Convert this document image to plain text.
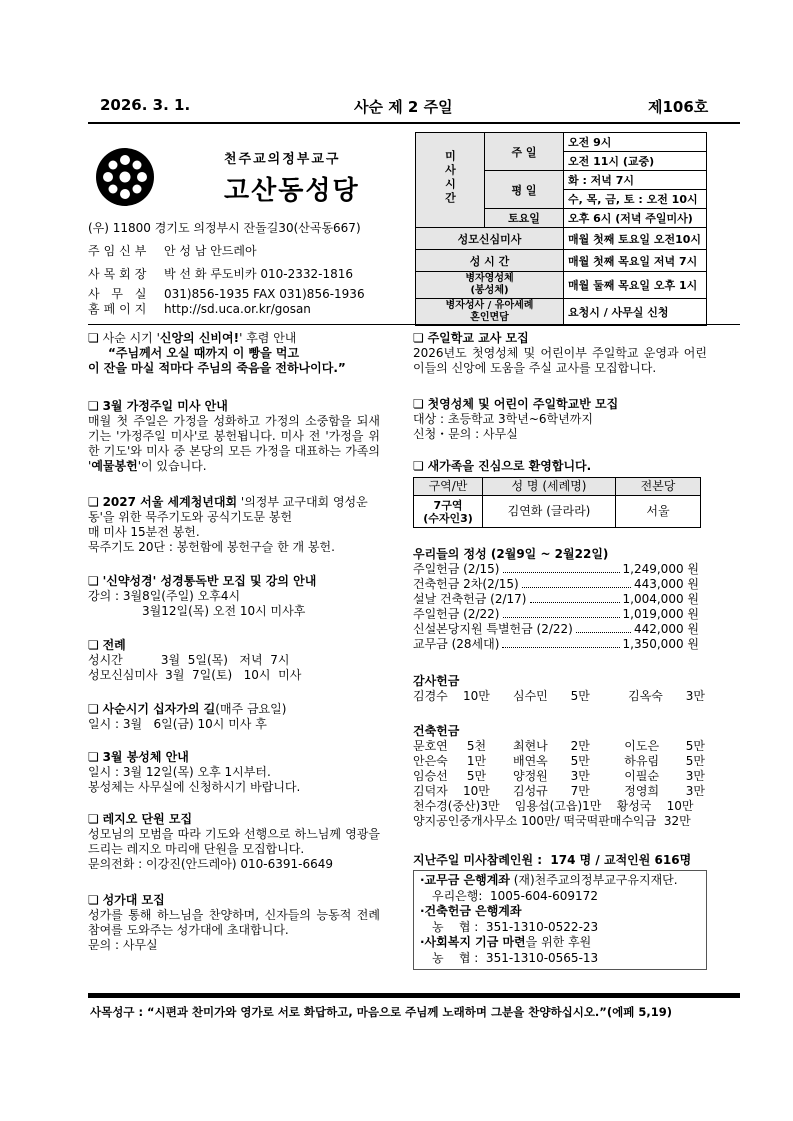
2026. 3. 1.	사순 제 2 주일	제106호
천주교의정부교구
고산동성당
(우) 11800 경기도 의정부시 잔돌길30(산곡동667)
주임신부 안 성 남 안드레아
사목회장 박 선 화 루도비카 010-2332-1816
사 무 실 031)856-1935 FAX 031)856-1936
홈페이지 http://sd.uca.or.kr/gosan
미사시간	주 일	오전 9시
		오전 11시 (교중)
	평 일	화 : 저녁 7시
		수, 목, 금, 토 : 오전 10시
	토요일	오후 6시 (저녁 주일미사)
성모신심미사		매월 첫째 토요일 오전10시
성 시 간		매월 첫째 목요일 저녁 7시
병자영성체
(봉성체)		매월 둘째 목요일 오후 1시
병자성사 / 유아세례
혼인면담		요청시 / 사무실 신청

❏ 사순 시기 '신앙의 신비여!' 후렴 안내

“주님께서 오실 때까지 이 빵을 먹고

이 잔을 마실 적마다 주님의 죽음을 전하나이다.”

❏ 3월 가정주일 미사 안내

매월 첫 주일은 가정을 성화하고 가정의 소중함을 되새기는 '가정주일 미사'로 봉헌됩니다. 미사 전 '가정을 위한 기도'와 미사 중 본당의 모든 가정을 대표하는 가족의 '예물봉헌'이 있습니다.

❏ 2027 서울 세계청년대회 '의정부 교구대회 영성운동'을 위한 묵주기도와 공식기도문 봉헌

매 미사 15분전 봉헌.

묵주기도 20단 : 봉헌함에 봉헌구슬 한 개 봉헌.

❏ '신약성경' 성경통독반 모집 및 강의 안내

강의 : 3월8일(주일) 오후4시

3월12일(목) 오전 10시 미사후

❏ 전례

성시간          3월  5일(목)   저녁  7시

성모신심미사  3월  7일(토)   10시  미사

❏ 사순시기 십자가의 길(매주 금요일)

일시 : 3월   6일(금) 10시 미사 후

❏ 3월 봉성체 안내

일시 : 3월 12일(목) 오후 1시부터.

봉성체는 사무실에 신청하시기 바랍니다.

❏ 레지오 단원 모집

성모님의 모범을 따라 기도와 선행으로 하느님께 영광을 드리는 레지오 마리애 단원을 모집합니다.

문의전화 : 이강진(안드레아) 010-6391-6649

❏ 성가대 모집

성가를 통해 하느님을 찬양하며, 신자들의 능동적 전례 참여를 도와주는 성가대에 초대합니다.

문의 : 사무실

❏ 주일학교 교사 모집

2026년도 첫영성체 및 어린이부 주일학교 운영과 어린이들의 신앙에 도움을 주실 교사를 모집합니다.

❏ 첫영성체 및 어린이 주일학교반 모집

대상 : 초등학교 3학년~6학년까지

신청・문의 : 사무실

❏ 새가족을 진심으로 환영합니다.

구역/반	성 명 (세례명)	전본당
7구역
(수자인3)	김연화 (글라라)	서울

우리들의 정성 (2월9일 ~ 2월22일)

주일헌금 (2/15)	1,249,000 원
건축헌금 2차(2/15)	443,000 원
설날 건축헌금 (2/17)	1,004,000 원
주일헌금 (2/22)	1,019,000 원
신설본당지원 특별헌금 (2/22)	442,000 원
교무금 (28세대)	1,350,000 원

감사헌금

김경수    10만	심수민      5만	김옥숙      3만

건축헌금

문호연     5천	최현나      2만	이도은       5만
안은숙     1만	배연옥      5만	하유림       5만
임승선     5만	양정원      3만	이필순       3만
김덕자    10만	김성규      7만	정영희       3만

천수경(중산)3만    임용섭(고읍)1만    황성국    10만

양지공인중개사무소 100만/ 떡국떡판매수익금  32만

지난주일 미사참례인원 :  174 명 / 교적인원 616명

·교무금 은행계좌 (재)천주교의정부교구유지재단.

우리은행:  1005-604-609172

·건축헌금 은행계좌

농    협 :  351-1310-0522-23

·사회복지 기금 마련을 위한 후원

농    협 :  351-1310-0565-13

사목성구 : “시편과 찬미가와 영가로 서로 화답하고, 마음으로 주님께 노래하며 그분을 찬양하십시오.”(에페 5,19)
